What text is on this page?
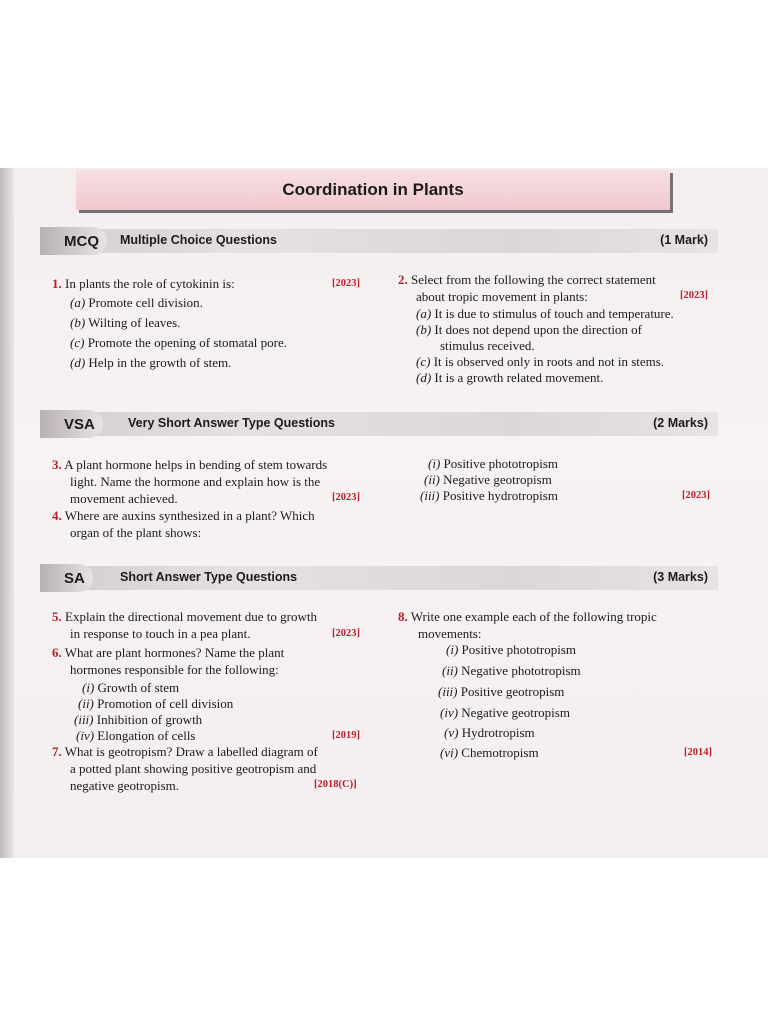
Coordination in Plants
MCQ	Multiple Choice Questions	(1 Mark)
1. In plants the role of cytokinin is:	[2023]
(a) Promote cell division.
(b) Wilting of leaves.
(c) Promote the opening of stomatal pore.
(d) Help in the growth of stem.
2. Select from the following the correct statement
about tropic movement in plants:	[2023]
(a) It is due to stimulus of touch and temperature.
(b) It does not depend upon the direction of
stimulus received.
(c) It is observed only in roots and not in stems.
(d) It is a growth related movement.
VSA	Very Short Answer Type Questions	(2 Marks)
3. A plant hormone helps in bending of stem towards
light. Name the hormone and explain how is the
movement achieved.	[2023]
4. Where are auxins synthesized in a plant? Which
organ of the plant shows:
(i) Positive phototropism
(ii) Negative geotropism
(iii) Positive hydrotropism	[2023]
SA	Short Answer Type Questions	(3 Marks)
5. Explain the directional movement due to growth
in response to touch in a pea plant.	[2023]
6. What are plant hormones? Name the plant
hormones responsible for the following:
(i) Growth of stem
(ii) Promotion of cell division
(iii) Inhibition of growth
(iv) Elongation of cells	[2019]
7. What is geotropism? Draw a labelled diagram of
a potted plant showing positive geotropism and
negative geotropism.	[2018(C)]
8. Write one example each of the following tropic
movements:
(i) Positive phototropism
(ii) Negative phototropism
(iii) Positive geotropism
(iv) Negative geotropism
(v) Hydrotropism
(vi) Chemotropism	[2014]
